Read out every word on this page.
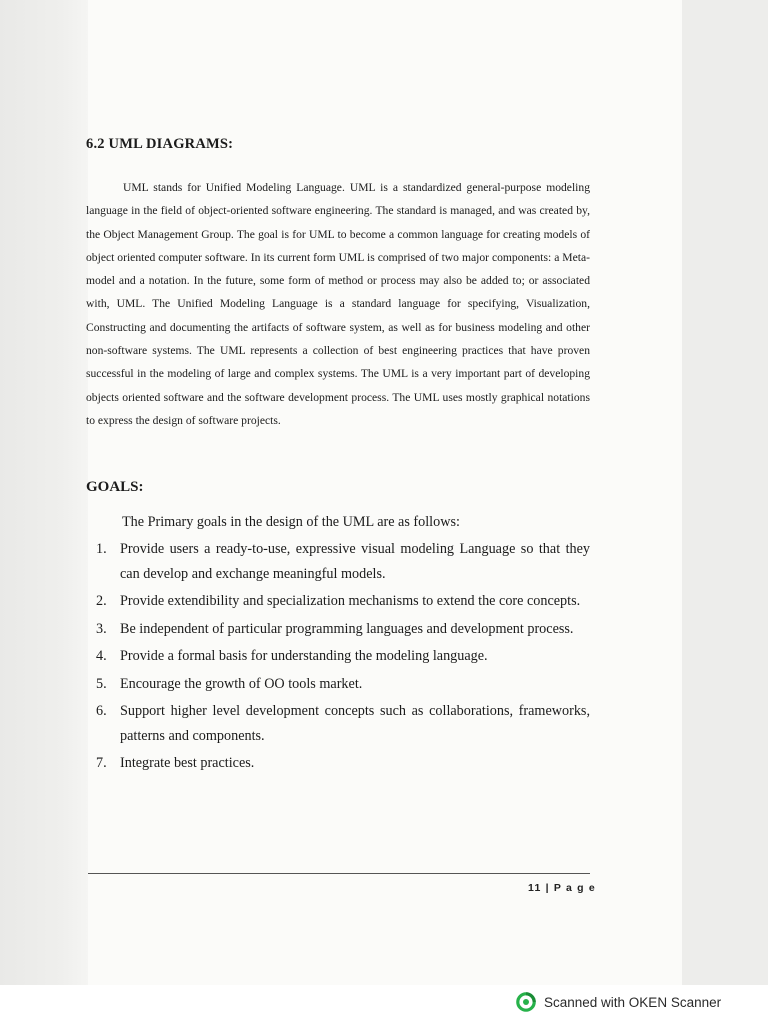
6.2 UML DIAGRAMS:

UML stands for Unified Modeling Language. UML is a standardized general-purpose modeling language in the field of object-oriented software engineering. The standard is managed, and was created by, the Object Management Group. The goal is for UML to become a common language for creating models of object oriented computer software. In its current form UML is comprised of two major components: a Meta-model and a notation. In the future, some form of method or process may also be added to; or associated with, UML. The Unified Modeling Language is a standard language for specifying, Visualization, Constructing and documenting the artifacts of software system, as well as for business modeling and other non-software systems. The UML represents a collection of best engineering practices that have proven successful in the modeling of large and complex systems. The UML is a very important part of developing objects oriented software and the software development process. The UML uses mostly graphical notations to express the design of software projects.

GOALS:

The Primary goals in the design of the UML are as follows:

1. Provide users a ready-to-use, expressive visual modeling Language so that they can develop and exchange meaningful models.
2. Provide extendibility and specialization mechanisms to extend the core concepts.
3. Be independent of particular programming languages and development process.
4. Provide a formal basis for understanding the modeling language.
5. Encourage the growth of OO tools market.
6. Support higher level development concepts such as collaborations, frameworks, patterns and components.
7. Integrate best practices.
11 | P a g e
Scanned with OKEN Scanner
